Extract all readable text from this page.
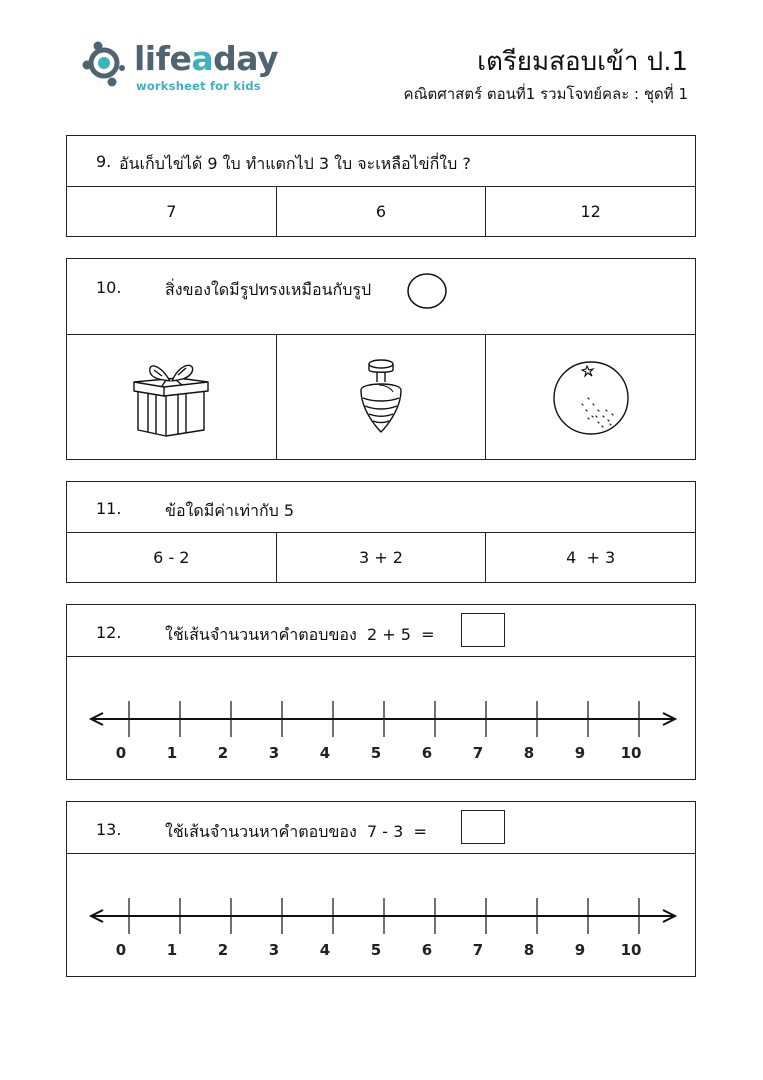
lifeaday
worksheet for kids
เตรียมสอบเข้า ป.1
คณิตศาสตร์ ตอนที่1 รวมโจทย์คละ : ชุดที่ 1
9. อันเก็บไข่ได้ 9 ใบ ทำแตกไป 3 ใบ จะเหลือไข่กี่ใบ ?
7	6	12
10.	สิ่งของใดมีรูปทรงเหมือนกับรูป
11.	ข้อใดมีค่าเท่ากับ 5
6 - 2	3 + 2	4  + 3
12.	ใช้เส้นจำนวนหาคำตอบของ  2 + 5  =
0	1	2	3	4	5	6	7	8	9 10
13.	ใช้เส้นจำนวนหาคำตอบของ  7 - 3  =
0	1	2	3	4	5	6	7	8	9 10
